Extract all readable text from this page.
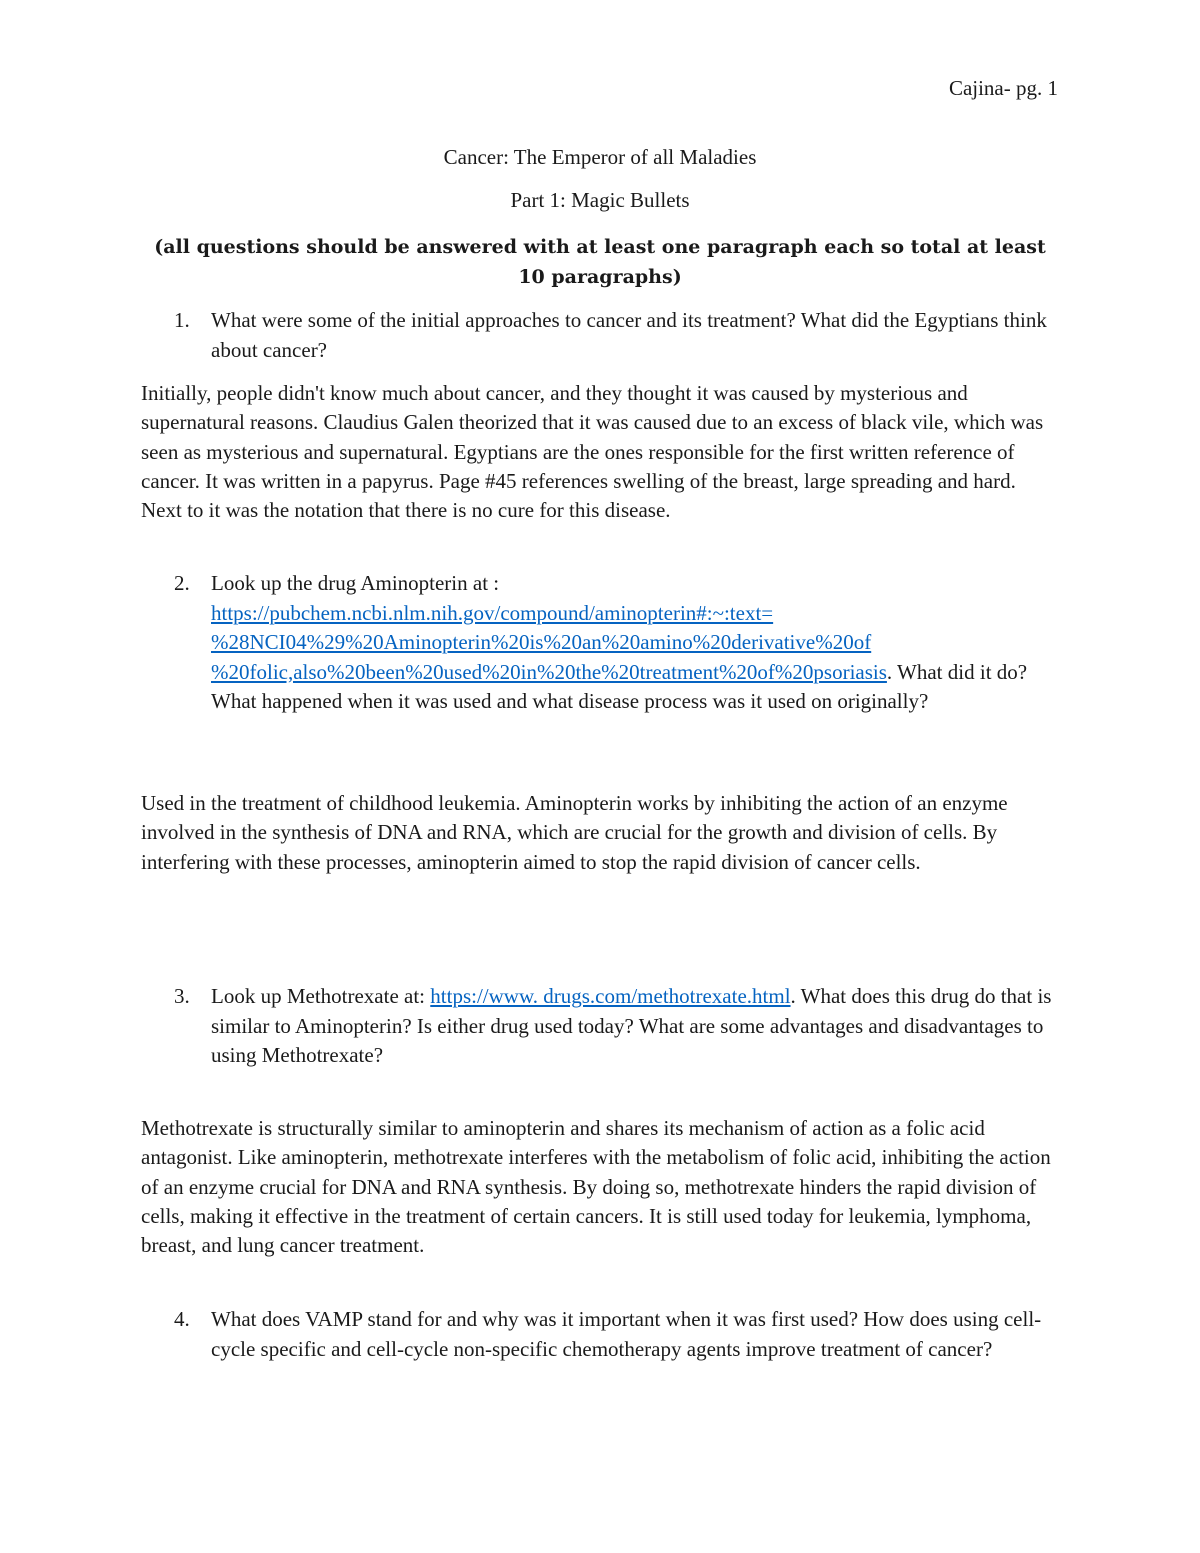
Cajina- pg. 1
Cancer: The Emperor of all Maladies
Part 1: Magic Bullets
(all questions should be answered with at least one paragraph each so total at least 10 paragraphs)
1. What were some of the initial approaches to cancer and its treatment? What did the Egyptians think about cancer?
Initially, people didn't know much about cancer, and they thought it was caused by mysterious and supernatural reasons. Claudius Galen theorized that it was caused due to an excess of black vile, which was seen as mysterious and supernatural. Egyptians are the ones responsible for the first written reference of cancer. It was written in a papyrus. Page #45 references swelling of the breast, large spreading and hard. Next to it was the notation that there is no cure for this disease.
2. Look up the drug Aminopterin at :
https://pubchem.ncbi.nlm.nih.gov/compound/aminopterin#:~:text=
%28NCI04%29%20Aminopterin%20is%20an%20amino%20derivative%20of
%20folic,also%20been%20used%20in%20the%20treatment%20of%20psoriasis. What did it do? What happened when it was used and what disease process was it used on originally?
Used in the treatment of childhood leukemia. Aminopterin works by inhibiting the action of an enzyme involved in the synthesis of DNA and RNA, which are crucial for the growth and division of cells. By interfering with these processes, aminopterin aimed to stop the rapid division of cancer cells.
3. Look up Methotrexate at: https://www. drugs.com/methotrexate.html. What does this drug do that is similar to Aminopterin? Is either drug used today? What are some advantages and disadvantages to using Methotrexate?
Methotrexate is structurally similar to aminopterin and shares its mechanism of action as a folic acid antagonist. Like aminopterin, methotrexate interferes with the metabolism of folic acid, inhibiting the action of an enzyme crucial for DNA and RNA synthesis. By doing so, methotrexate hinders the rapid division of cells, making it effective in the treatment of certain cancers. It is still used today for leukemia, lymphoma, breast, and lung cancer treatment.
4. What does VAMP stand for and why was it important when it was first used? How does using cell-cycle specific and cell-cycle non-specific chemotherapy agents improve treatment of cancer?
